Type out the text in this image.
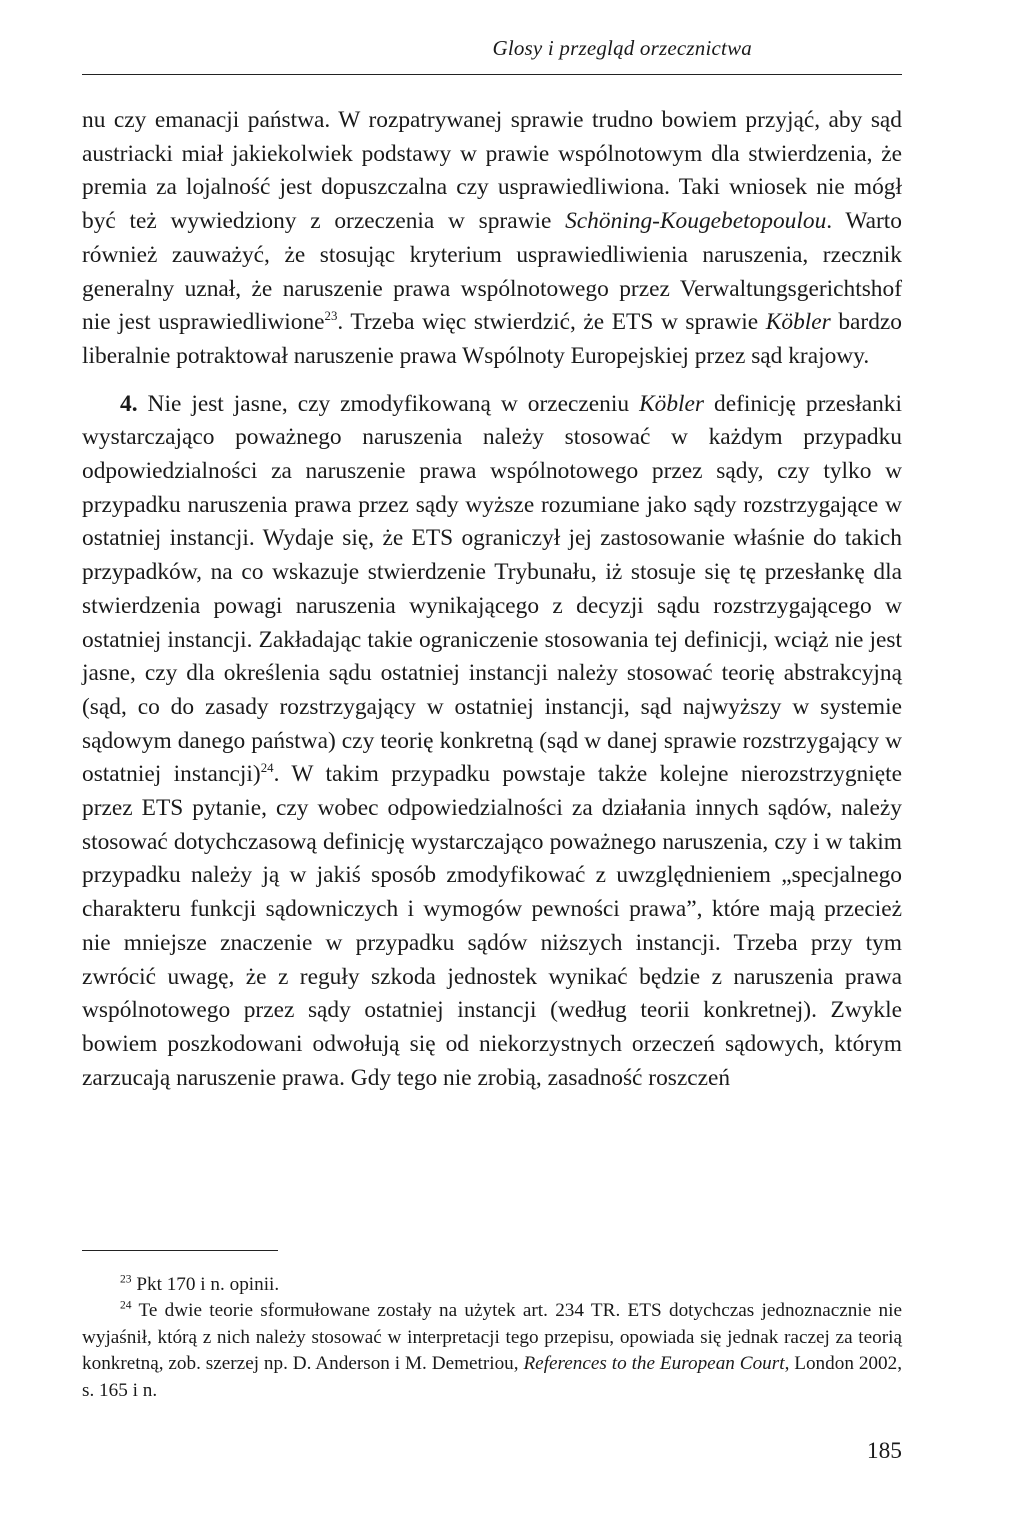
Glosy i przegląd orzecznictwa

nu czy emanacji państwa. W rozpatrywanej sprawie trudno bowiem przyjąć, aby sąd austriacki miał jakiekolwiek podstawy w prawie wspólnotowym dla stwierdzenia, że premia za lojalność jest dopuszczalna czy usprawiedliwiona. Taki wniosek nie mógł być też wywiedziony z orzeczenia w sprawie Schöning-Kougebetopoulou. Warto również zauważyć, że stosując kryterium usprawiedliwienia naruszenia, rzecznik generalny uznał, że naruszenie prawa wspólnotowego przez Verwaltungsgerichtshof nie jest usprawiedliwione$^{23}$. Trzeba więc stwierdzić, że ETS w sprawie Köbler bardzo liberalnie potraktował naruszenie prawa Wspólnoty Europejskiej przez sąd krajowy.

4. Nie jest jasne, czy zmodyfikowaną w orzeczeniu Köbler definicję przesłanki wystarczająco poważnego naruszenia należy stosować w każdym przypadku odpowiedzialności za naruszenie prawa wspólnotowego przez sądy, czy tylko w przypadku naruszenia prawa przez sądy wyższe rozumiane jako sądy rozstrzygające w ostatniej instancji. Wydaje się, że ETS ograniczył jej zastosowanie właśnie do takich przypadków, na co wskazuje stwierdzenie Trybunału, iż stosuje się tę przesłankę dla stwierdzenia powagi naruszenia wynikającego z decyzji sądu rozstrzygającego w ostatniej instancji. Zakładając takie ograniczenie stosowania tej definicji, wciąż nie jest jasne, czy dla określenia sądu ostatniej instancji należy stosować teorię abstrakcyjną (sąd, co do zasady rozstrzygający w ostatniej instancji, sąd najwyższy w systemie sądowym danego państwa) czy teorię konkretną (sąd w danej sprawie rozstrzygający w ostatniej instancji)$^{24}$. W takim przypadku powstaje także kolejne nierozstrzygnięte przez ETS pytanie, czy wobec odpowiedzialności za działania innych sądów, należy stosować dotychczasową definicję wystarczająco poważnego naruszenia, czy i w takim przypadku należy ją w jakiś sposób zmodyfikować z uwzględnieniem „specjalnego charakteru funkcji sądowniczych i wymogów pewności prawa”, które mają przecież nie mniejsze znaczenie w przypadku sądów niższych instancji. Trzeba przy tym zwrócić uwagę, że z reguły szkoda jednostek wynikać będzie z naruszenia prawa wspólnotowego przez sądy ostatniej instancji (według teorii konkretnej). Zwykle bowiem poszkodowani odwołują się od niekorzystnych orzeczeń sądowych, którym zarzucają naruszenie prawa. Gdy tego nie zrobią, zasadność roszczeń

$^{23}$ Pkt 170 i n. opinii.

$^{24}$ Te dwie teorie sformułowane zostały na użytek art. 234 TR. ETS dotychczas jednoznacznie nie wyjaśnił, którą z nich należy stosować w interpretacji tego przepisu, opowiada się jednak raczej za teorią konkretną, zob. szerzej np. D. Anderson i M. Demetriou, References to the European Court, London 2002, s. 165 i n.

185
